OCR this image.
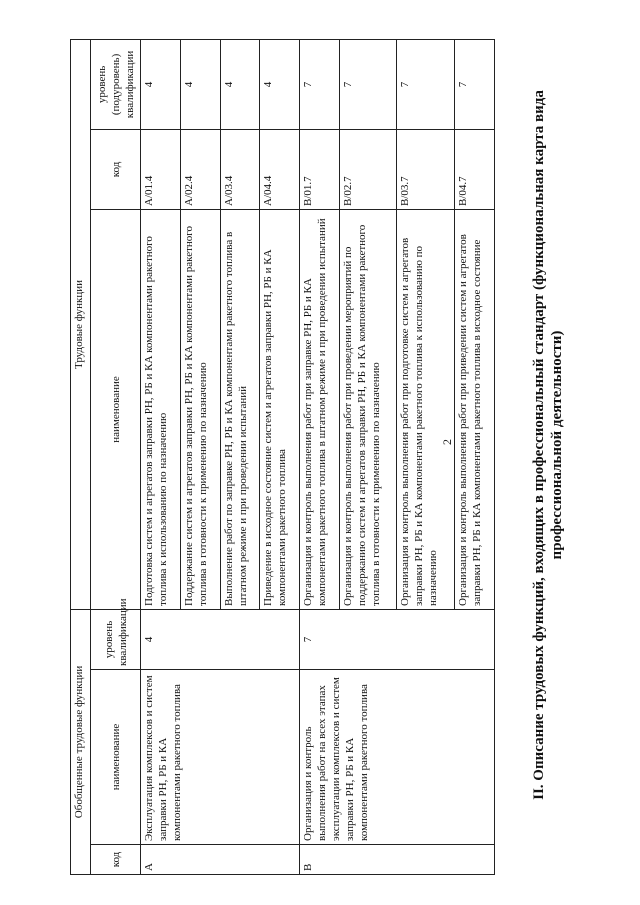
2
Обобщенные трудовые функции			Трудовые функции		
код	наименование	уровень квалификации	наименование	код	уровень (подуровень) квалификации
А	Эксплуатация комплексов и систем заправки РН, РБ и КА компонентами ракетного топлива	4	Подготовка систем и агрегатов заправки РН, РБ и КА компонентами ракетного топлива к использованию по назначению	А/01.4	4
			Поддержание систем и агрегатов заправки РН, РБ и КА компонентами ракетного топлива в готовности к применению по назначению	А/02.4	4
			Выполнение работ по заправке РН, РБ и КА компонентами ракетного топлива в штатном режиме и при проведении испытаний	А/03.4	4
			Приведение в исходное состояние систем и агрегатов заправки РН, РБ и КА компонентами ракетного топлива	А/04.4	4
В	Организация и контроль выполнения работ на всех этапах эксплуатации комплексов и систем заправки РН, РБ и КА компонентами ракетного топлива	7	Организация и контроль выполнения работ при заправке РН, РБ и КА компонентами ракетного топлива в штатном режиме и при проведении испытаний	В/01.7	7
			Организация и контроль выполнения работ при проведении мероприятий по поддержанию систем и агрегатов заправки РН, РБ и КА компонентами ракетного топлива в готовности к применению по назначению	В/02.7	7
			Организация и контроль выполнения работ при подготовке систем и агрегатов заправки РН, РБ и КА компонентами ракетного топлива к использованию по назначению	В/03.7	7
			Организация и контроль выполнения работ при приведении систем и агрегатов заправки РН, РБ и КА компонентами ракетного топлива в исходное состояние	В/04.7	7
II. Описание трудовых функций, входящих в профессиональный стандарт (функциональная карта вида профессиональной деятельности)
